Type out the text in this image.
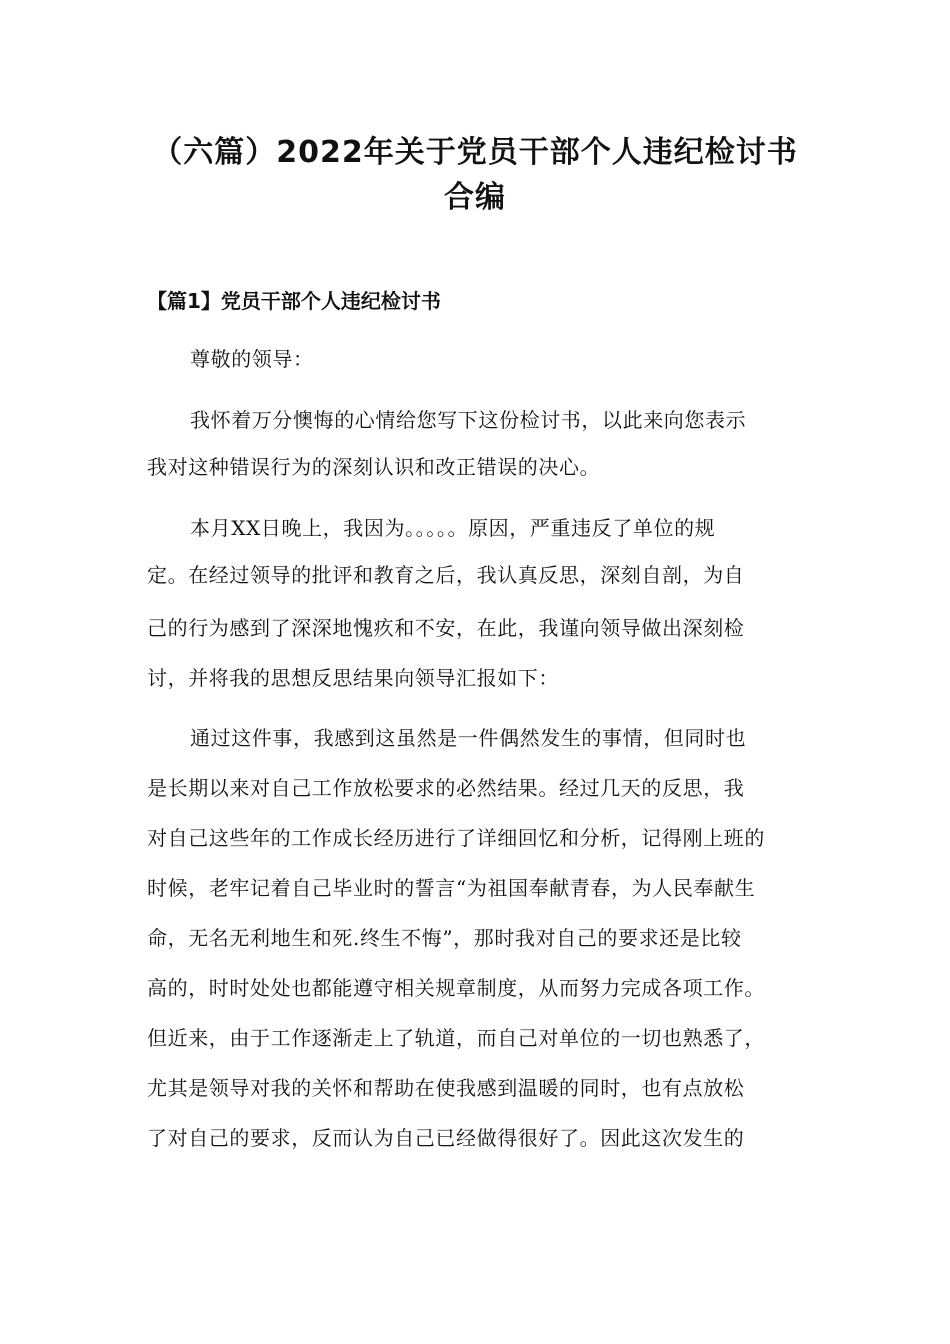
（六篇）2022年关于党员干部个人违纪检讨书
合编
【篇1】党员干部个人违纪检讨书
尊敬的领导：
我怀着万分懊悔的心情给您写下这份检讨书，以此来向您表示
我对这种错误行为的深刻认识和改正错误的决心。
本月XX日晚上，我因为。。。。。原因，严重违反了单位的规
定。在经过领导的批评和教育之后，我认真反思，深刻自剖，为自
己的行为感到了深深地愧疚和不安，在此，我谨向领导做出深刻检
讨，并将我的思想反思结果向领导汇报如下：
通过这件事，我感到这虽然是一件偶然发生的事情，但同时也
是长期以来对自己工作放松要求的必然结果。经过几天的反思，我
对自己这些年的工作成长经历进行了详细回忆和分析，记得刚上班的
时候，老牢记着自己毕业时的誓言“为祖国奉献青春，为人民奉献生
命，无名无利地生和死.终生不悔”，那时我对自己的要求还是比较
高的，时时处处也都能遵守相关规章制度，从而努力完成各项工作。
但近来，由于工作逐渐走上了轨道，而自己对单位的一切也熟悉了，
尤其是领导对我的关怀和帮助在使我感到温暖的同时，也有点放松
了对自己的要求，反而认为自己已经做得很好了。因此这次发生的
